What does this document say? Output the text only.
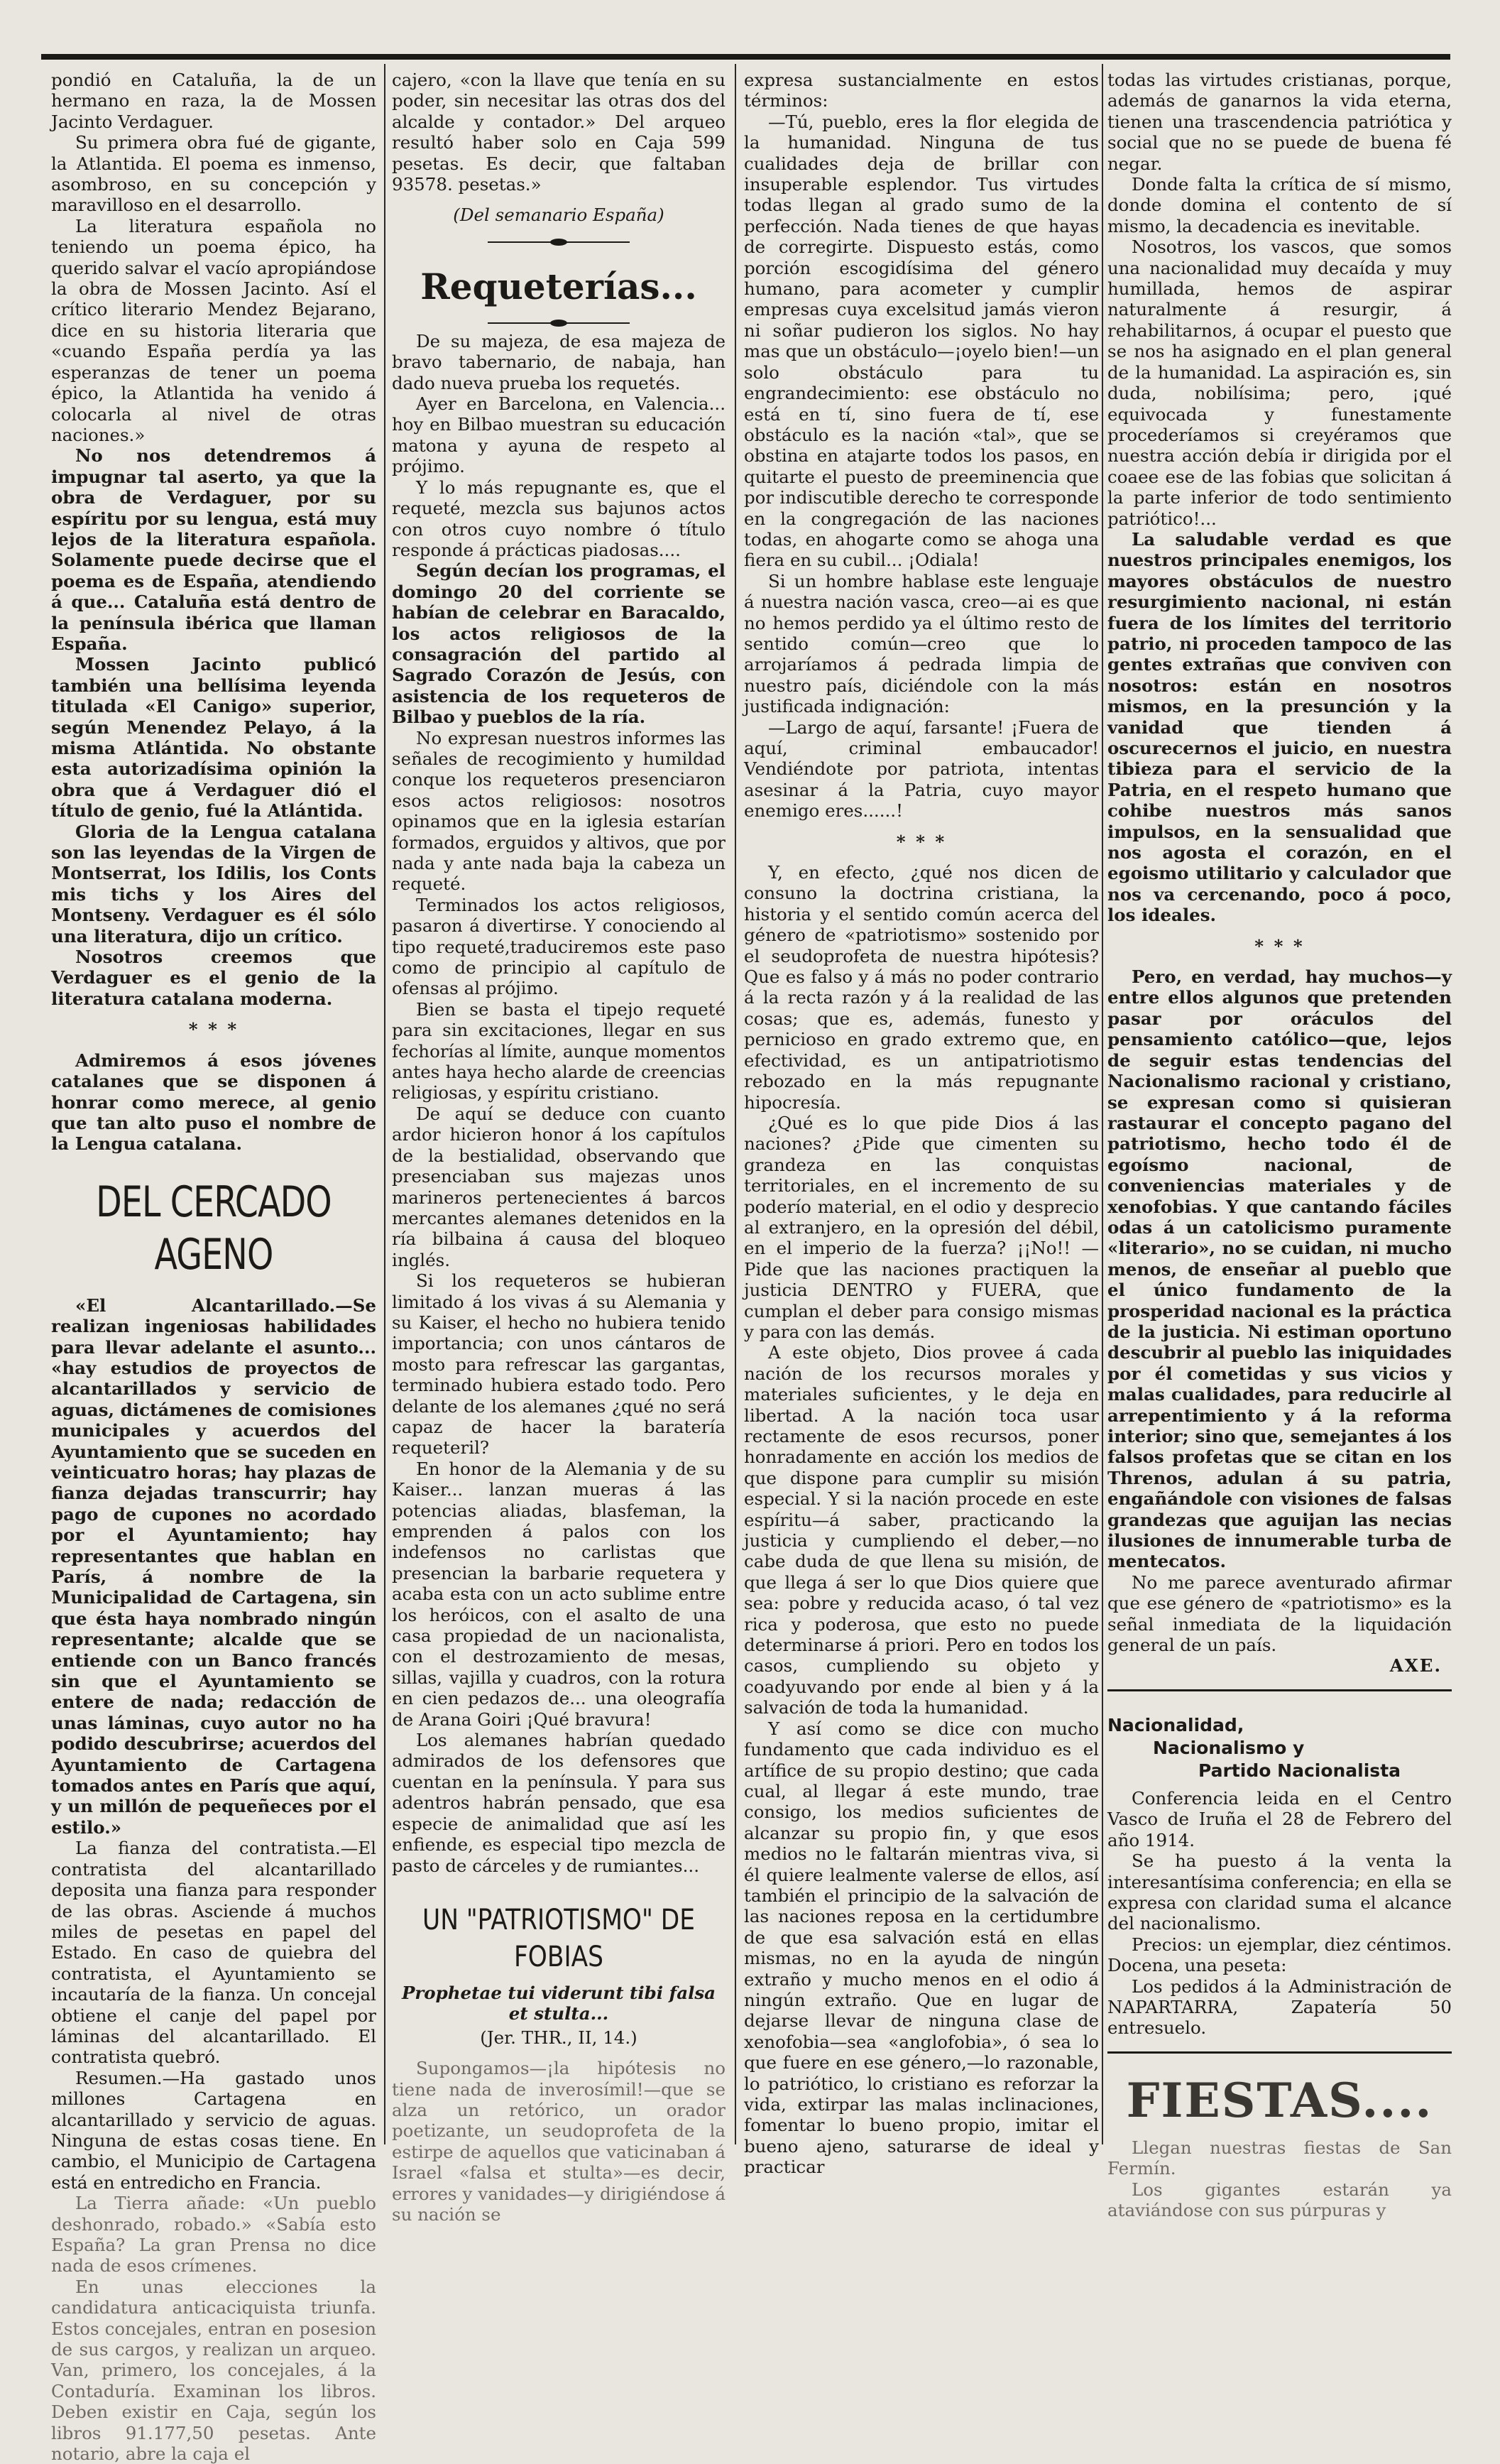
pondió en Cataluña, la de un hermano en raza, la de Mossen Jacinto Verdaguer.

Su primera obra fué de gigante, la Atlantida. El poema es inmenso, asombroso, en su concepción y maravilloso en el desarrollo.

La literatura española no teniendo un poema épico, ha querido salvar el vacío apropiándose la obra de Mossen Jacinto. Así el crítico literario Mendez Bejarano, dice en su historia literaria que «cuando España perdía ya las esperanzas de tener un poema épico, la Atlantida ha venido á colocarla al nivel de otras naciones.»

No nos detendremos á impugnar tal aserto, ya que la obra de Verdaguer, por su espíritu por su lengua, está muy lejos de la literatura española. Solamente puede decirse que el poema es de España, atendiendo á que... Cataluña está dentro de la península ibérica que llaman España.

Mossen Jacinto publicó también una bellísima leyenda titulada «El Canigo» superior, según Menendez Pelayo, á la misma Atlántida. No obstante esta autorizadísima opinión la obra que á Verdaguer dió el título de genio, fué la Atlántida.

Gloria de la Lengua catalana son las leyendas de la Virgen de Montserrat, los Idilis, los Conts mis tichs y los Aires del Montseny. Verdaguer es él sólo una literatura, dijo un crítico.

Nosotros creemos que Verdaguer es el genio de la literatura catalana moderna.

* * *

Admiremos á esos jóvenes catalanes que se disponen á honrar como merece, al genio que tan alto puso el nombre de la Lengua catalana.

DEL CERCADO AGENO

«El Alcantarillado.—Se realizan ingeniosas habilidades para llevar adelante el asunto... «hay estudios de proyectos de alcantarillados y servicio de aguas, dictámenes de comisiones municipales y acuerdos del Ayuntamiento que se suceden en veinticuatro horas; hay plazas de fianza dejadas transcurrir; hay pago de cupones no acordado por el Ayuntamiento; hay representantes que hablan en París, á nombre de la Municipalidad de Cartagena, sin que ésta haya nombrado ningún representante; alcalde que se entiende con un Banco francés sin que el Ayuntamiento se entere de nada; redacción de unas láminas, cuyo autor no ha podido descubrirse; acuerdos del Ayuntamiento de Cartagena tomados antes en París que aquí, y un millón de pequeñeces por el estilo.»

La fianza del contratista.—El contratista del alcantarillado deposita una fianza para responder de las obras. Asciende á muchos miles de pesetas en papel del Estado. En caso de quiebra del contratista, el Ayuntamiento se incautaría de la fianza. Un concejal obtiene el canje del papel por láminas del alcantarillado. El contratista quebró.

Resumen.—Ha gastado unos millones Cartagena en alcantarillado y servicio de aguas. Ninguna de estas cosas tiene. En cambio, el Municipio de Cartagena está en entredicho en Francia.

La Tierra añade: «Un pueblo deshonrado, robado.» «Sabía esto España? La gran Prensa no dice nada de esos crímenes.

En unas elecciones la candidatura anticaciquista triunfa. Estos concejales, entran en posesion de sus cargos, y realizan un arqueo. Van, primero, los concejales, á la Contaduría. Examinan los libros. Deben existir en Caja, según los libros 91.177,50 pesetas. Ante notario, abre la caja el

cajero, «con la llave que tenía en su poder, sin necesitar las otras dos del alcalde y contador.» Del arqueo resultó haber solo en Caja 599 pesetas. Es decir, que faltaban 93578. pesetas.»

(Del semanario España)
Requeterías...

De su majeza, de esa majeza de bravo tabernario, de nabaja, han dado nueva prueba los requetés.

Ayer en Barcelona, en Valencia... hoy en Bilbao muestran su educación matona y ayuna de respeto al prójimo.

Y lo más repugnante es, que el requeté, mezcla sus bajunos actos con otros cuyo nombre ó título responde á prácticas piadosas....

Según decían los programas, el domingo 20 del corriente se habían de celebrar en Baracaldo, los actos religiosos de la consagración del partido al Sagrado Corazón de Jesús, con asistencia de los requeteros de Bilbao y pueblos de la ría.

No expresan nuestros informes las señales de recogimiento y humildad conque los requeteros presenciaron esos actos religiosos: nosotros opinamos que en la iglesia estarían formados, erguidos y altivos, que por nada y ante nada baja la cabeza un requeté.

Terminados los actos religiosos, pasaron á divertirse. Y conociendo al tipo requeté,traduciremos este paso como de principio al capítulo de ofensas al prójimo.

Bien se basta el tipejo requeté para sin excitaciones, llegar en sus fechorías al límite, aunque momentos antes haya hecho alarde de creencias religiosas, y espíritu cristiano.

De aquí se deduce con cuanto ardor hicieron honor á los capítulos de la bestialidad, observando que presenciaban sus majezas unos marineros pertenecientes á barcos mercantes alemanes detenidos en la ría bilbaina á causa del bloqueo inglés.

Si los requeteros se hubieran limitado á los vivas á su Alemania y su Kaiser, el hecho no hubiera tenido importancia; con unos cántaros de mosto para refrescar las gargantas, terminado hubiera estado todo. Pero delante de los alemanes ¿qué no será capaz de hacer la baratería requeteril?

En honor de la Alemania y de su Kaiser... lanzan mueras á las potencias aliadas, blasfeman, la emprenden á palos con los indefensos no carlistas que presencian la barbarie requetera y acaba esta con un acto sublime entre los heróicos, con el asalto de una casa propiedad de un nacionalista, con el destrozamiento de mesas, sillas, vajilla y cuadros, con la rotura en cien pedazos de... una oleografía de Arana Goiri ¡Qué bravura!

Los alemanes habrían quedado admirados de los defensores que cuentan en la península. Y para sus adentros habrán pensado, que esa especie de animalidad que así les enfiende, es especial tipo mezcla de pasto de cárceles y de rumiantes...

UN "PATRIOTISMO" DE FOBIAS
Prophetae tui viderunt tibi falsa et stulta...
(Jer. THR., II, 14.)

Supongamos—¡la hipótesis no tiene nada de inverosímil!—que se alza un retórico, un orador poetizante, un seudoprofeta de la estirpe de aquellos que vaticinaban á Israel «falsa et stulta»—es decir, errores y vanidades—y dirigiéndose á su nación se

expresa sustancialmente en estos términos:

—Tú, pueblo, eres la flor elegida de la humanidad. Ninguna de tus cualidades deja de brillar con insuperable esplendor. Tus virtudes todas llegan al grado sumo de la perfección. Nada tienes de que hayas de corregirte. Dispuesto estás, como porción escogidísima del género humano, para acometer y cumplir empresas cuya excelsitud jamás vieron ni soñar pudieron los siglos. No hay mas que un obstáculo—¡oyelo bien!—un solo obstáculo para tu engrandecimiento: ese obstáculo no está en tí, sino fuera de tí, ese obstáculo es la nación «tal», que se obstina en atajarte todos los pasos, en quitarte el puesto de preeminencia que por indiscutible derecho te corresponde en la congregación de las naciones todas, en ahogarte como se ahoga una fiera en su cubil... ¡Odiala!

Si un hombre hablase este lenguaje á nuestra nación vasca, creo—ai es que no hemos perdido ya el último resto de sentido común—creo que lo arrojaríamos á pedrada limpia de nuestro país, diciéndole con la más justificada indignación:

—Largo de aquí, farsante! ¡Fuera de aquí, criminal embaucador! Vendiéndote por patriota, intentas asesinar á la Patria, cuyo mayor enemigo eres......!

* * *

Y, en efecto, ¿qué nos dicen de consuno la doctrina cristiana, la historia y el sentido común acerca del género de «patriotismo» sostenido por el seudoprofeta de nuestra hipótesis? Que es falso y á más no poder contrario á la recta razón y á la realidad de las cosas; que es, además, funesto y pernicioso en grado extremo que, en efectividad, es un antipatriotismo rebozado en la más repugnante hipocresía.

¿Qué es lo que pide Dios á las naciones? ¿Pide que cimenten su grandeza en las conquistas territoriales, en el incremento de su poderío material, en el odio y desprecio al extranjero, en la opresión del débil, en el imperio de la fuerza? ¡¡No!! —Pide que las naciones practiquen la justicia DENTRO y FUERA, que cumplan el deber para consigo mismas y para con las demás.

A este objeto, Dios provee á cada nación de los recursos morales y materiales suficientes, y le deja en libertad. A la nación toca usar rectamente de esos recursos, poner honradamente en acción los medios de que dispone para cumplir su misión especial. Y si la nación procede en este espíritu—á saber, practicando la justicia y cumpliendo el deber,—no cabe duda de que llena su misión, de que llega á ser lo que Dios quiere que sea: pobre y reducida acaso, ó tal vez rica y poderosa, que esto no puede determinarse á priori. Pero en todos los casos, cumpliendo su objeto y coadyuvando por ende al bien y á la salvación de toda la humanidad.

Y así como se dice con mucho fundamento que cada individuo es el artífice de su propio destino; que cada cual, al llegar á este mundo, trae consigo, los medios suficientes de alcanzar su propio fin, y que esos medios no le faltarán mientras viva, si él quiere lealmente valerse de ellos, así también el principio de la salvación de las naciones reposa en la certidumbre de que esa salvación está en ellas mismas, no en la ayuda de ningún extraño y mucho menos en el odio á ningún extraño. Que en lugar de dejarse llevar de ninguna clase de xenofobia—sea «anglofobia», ó sea lo que fuere en ese género,—lo razonable, lo patriótico, lo cristiano es reforzar la vida, extirpar las malas inclinaciones, fomentar lo bueno propio, imitar el bueno ajeno, saturarse de ideal y practicar

todas las virtudes cristianas, porque, además de ganarnos la vida eterna, tienen una trascendencia patriótica y social que no se puede de buena fé negar.

Donde falta la crítica de sí mismo, donde domina el contento de sí mismo, la decadencia es inevitable.

Nosotros, los vascos, que somos una nacionalidad muy decaída y muy humillada, hemos de aspirar naturalmente á resurgir, á rehabilitarnos, á ocupar el puesto que se nos ha asignado en el plan general de la humanidad. La aspiración es, sin duda, nobilísima; pero, ¡qué equivocada y funestamente procederíamos si creyéramos que nuestra acción debía ir dirigida por el coaee ese de las fobias que solicitan á la parte inferior de todo sentimiento patriótico!...

La saludable verdad es que nuestros principales enemigos, los mayores obstáculos de nuestro resurgimiento nacional, ni están fuera de los límites del territorio patrio, ni proceden tampoco de las gentes extrañas que conviven con nosotros: están en nosotros mismos, en la presunción y la vanidad que tienden á oscurecernos el juicio, en nuestra tibieza para el servicio de la Patria, en el respeto humano que cohibe nuestros más sanos impulsos, en la sensualidad que nos agosta el corazón, en el egoismo utilitario y calculador que nos va cercenando, poco á poco, los ideales.

* * *

Pero, en verdad, hay muchos—y entre ellos algunos que pretenden pasar por oráculos del pensamiento católico—que, lejos de seguir estas tendencias del Nacionalismo racional y cristiano, se expresan como si quisieran rastaurar el concepto pagano del patriotismo, hecho todo él de egoísmo nacional, de conveniencias materiales y de xenofobias. Y que cantando fáciles odas á un catolicismo puramente «literario», no se cuidan, ni mucho menos, de enseñar al pueblo que el único fundamento de la prosperidad nacional es la práctica de la justicia. Ni estiman oportuno descubrir al pueblo las iniquidades por él cometidas y sus vicios y malas cualidades, para reducirle al arrepentimiento y á la reforma interior; sino que, semejantes á los falsos profetas que se citan en los Threnos, adulan á su patria, engañándole con visiones de falsas grandezas que aguijan las necias ilusiones de innumerable turba de mentecatos.

No me parece aventurado afirmar que ese género de «patriotismo» es la señal inmediata de la liquidación general de un país.

AXE.
Nacionalidad,
Nacionalismo y
Partido Nacionalista

Conferencia leida en el Centro Vasco de Iruña el 28 de Febrero del año 1914.

Se ha puesto á la venta la interesantísima conferencia; en ella se expresa con claridad suma el alcance del nacionalismo.

Precios: un ejemplar, diez céntimos. Docena, una peseta:

Los pedidos á la Administración de NAPARTARRA, Zapatería 50 entresuelo.

FIESTAS....

Llegan nuestras fiestas de San Fermín.

Los gigantes estarán ya ataviándose con sus púrpuras y
